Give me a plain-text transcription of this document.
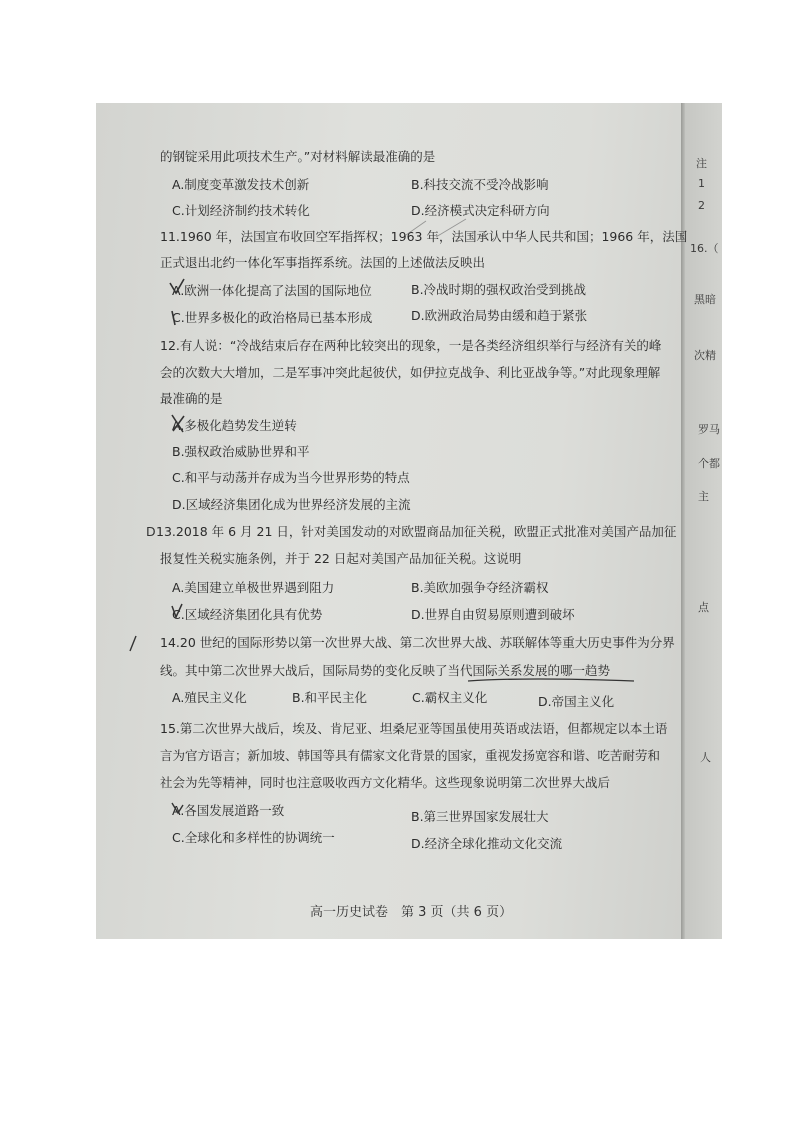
注
1
2
16.（
黑暗
次精
罗马
个都
主
点
人
的钢锭采用此项技术生产。”对材料解读最准确的是
A.制度变革激发技术创新	B.科技交流不受冷战影响
C.计划经济制约技术转化	D.经济模式决定科研方向
11.1960 年，法国宣布收回空军指挥权；1963 年，法国承认中华人民共和国；1966 年，法国
正式退出北约一体化军事指挥系统。法国的上述做法反映出
A.欧洲一体化提高了法国的国际地位	B.冷战时期的强权政治受到挑战
C.世界多极化的政治格局已基本形成	D.欧洲政治局势由缓和趋于紧张
12.有人说：“冷战结束后存在两种比较突出的现象，一是各类经济组织举行与经济有关的峰
会的次数大大增加，二是军事冲突此起彼伏，如伊拉克战争、利比亚战争等。”对此现象理解
最准确的是
A.多极化趋势发生逆转
B.强权政治威胁世界和平
C.和平与动荡并存成为当今世界形势的特点
D.区域经济集团化成为世界经济发展的主流
D 13.2018 年 6 月 21 日，针对美国发动的对欧盟商品加征关税，欧盟正式批准对美国产品加征
报复性关税实施条例，并于 22 日起对美国产品加征关税。这说明
A.美国建立单极世界遇到阻力	B.美欧加强争夺经济霸权
C.区域经济集团化具有优势	D.世界自由贸易原则遭到破坏
14.20 世纪的国际形势以第一次世界大战、第二次世界大战、苏联解体等重大历史事件为分界
线。其中第二次世界大战后，国际局势的变化反映了当代国际关系发展的哪一趋势
A.殖民主义化	B.和平民主化	C.霸权主义化	D.帝国主义化
15.第二次世界大战后，埃及、肯尼亚、坦桑尼亚等国虽使用英语或法语，但都规定以本土语
言为官方语言；新加坡、韩国等具有儒家文化背景的国家，重视发扬宽容和谐、吃苦耐劳和
社会为先等精神，同时也注意吸收西方文化精华。这些现象说明第二次世界大战后
A.各国发展道路一致	B.第三世界国家发展壮大
C.全球化和多样性的协调统一	D.经济全球化推动文化交流
高一历史试卷　第 3 页（共 6 页）
